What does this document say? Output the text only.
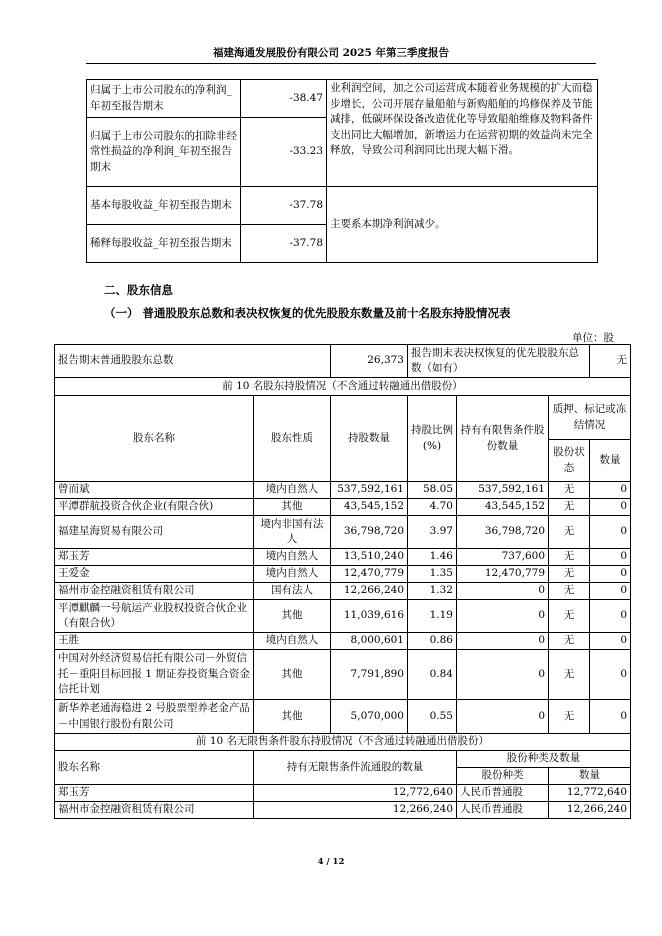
福建海通发展股份有限公司 2025 年第三季度报告
归属于上市公司股东的净利润_年初至报告期末	-38.47	业利润空间，加之公司运营成本随着业务规模的扩大而稳步增长，公司开展存量船舶与新购船舶的坞修保养及节能减排，低碳环保设备改造优化等导致船舶维修及物料备件支出同比大幅增加，新增运力在运营初期的效益尚未完全释放，导致公司利润同比出现大幅下滑。
归属于上市公司股东的扣除非经常性损益的净利润_年初至报告期末	-33.23	
基本每股收益_年初至报告期末	-37.78	主要系本期净利润减少。
稀释每股收益_年初至报告期末	-37.78	
二、股东信息
（一） 普通股股东总数和表决权恢复的优先股股东数量及前十名股东持股情况表
单位：股
报告期末普通股股东总数		26,373	报告期末表决权恢复的优先股股东总数（如有）			无
前 10 名股东持股情况（不含通过转融通出借股份）						
股东名称	股东性质	持股数量	持股比例(%)	持有有限售条件股份数量	质押、标记或冻结情况	
					股份状态	数量
曾而斌	境内自然人	537,592,161	58.05	537,592,161	无	0
平潭群航投资合伙企业(有限合伙)	其他	43,545,152	4.70	43,545,152	无	0
福建星海贸易有限公司	境内非国有法人	36,798,720	3.97	36,798,720	无	0
郑玉芳	境内自然人	13,510,240	1.46	737,600	无	0
王爱金	境内自然人	12,470,779	1.35	12,470,779	无	0
福州市金控融资租赁有限公司	国有法人	12,266,240	1.32	0	无	0
平潭麒麟一号航运产业股权投资合伙企业（有限合伙）	其他	11,039,616	1.19	0	无	0
王胜	境内自然人	8,000,601	0.86	0	无	0
中国对外经济贸易信托有限公司－外贸信托－重阳目标回报 1 期证券投资集合资金信托计划	其他	7,791,890	0.84	0	无	0
新华养老通海稳进 2 号股票型养老金产品－中国银行股份有限公司	其他	5,070,000	0.55	0	无	0
前 10 名无限售条件股东持股情况（不含通过转融通出借股份）						
股东名称	持有无限售条件流通股的数量			股份种类及数量		
				股份种类	数量	
郑玉芳	12,772,640			人民币普通股	12,772,640	
福州市金控融资租赁有限公司	12,266,240			人民币普通股	12,266,240	
4 / 12
